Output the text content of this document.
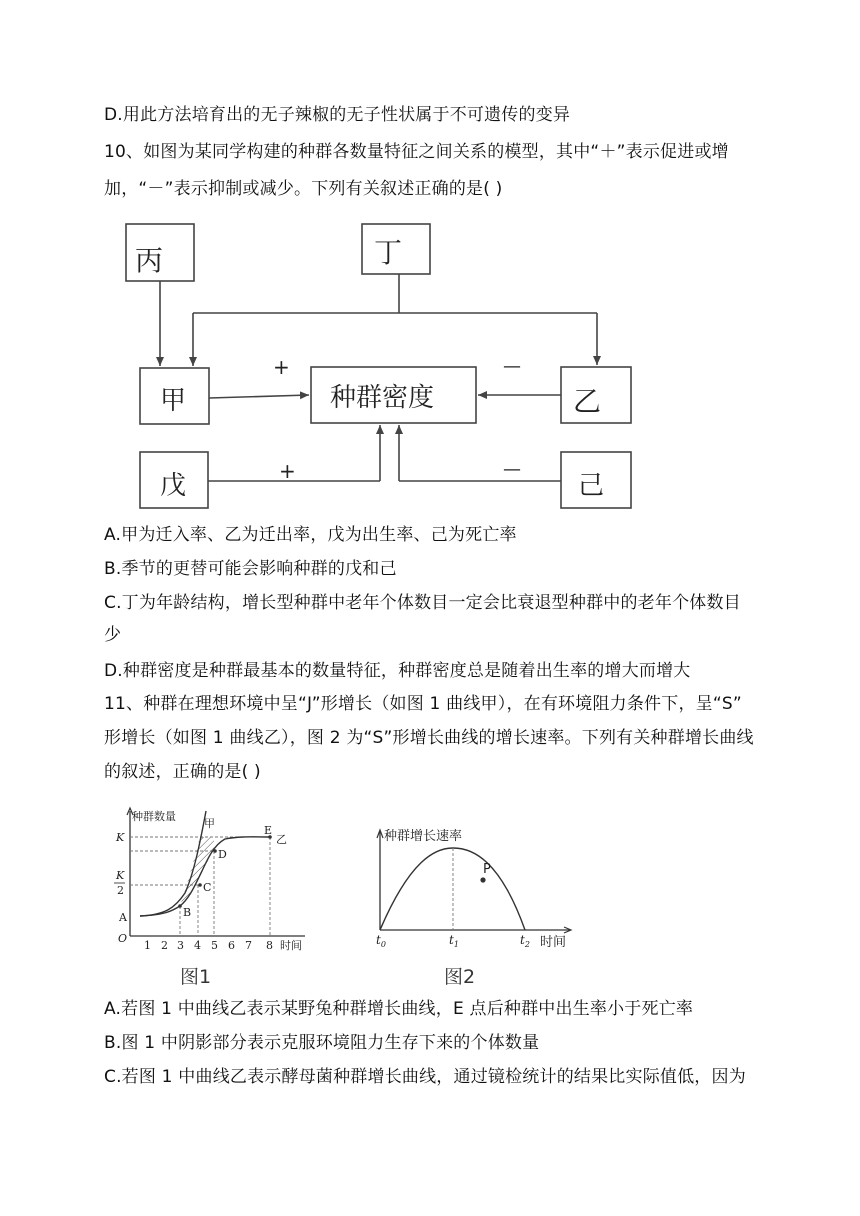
D.用此方法培育出的无子辣椒的无子性状属于不可遗传的变异
10、如图为某同学构建的种群各数量特征之间关系的模型，其中“＋”表示促进或增
加，“－”表示抑制或减少。下列有关叙述正确的是( )
丙	丁
甲	种群密度	乙
戊	己
+	—
+	—
A.甲为迁入率、乙为迁出率，戊为出生率、己为死亡率
B.季节的更替可能会影响种群的戊和己
C.丁为年龄结构，增长型种群中老年个体数目一定会比衰退型种群中的老年个体数目
少
D.种群密度是种群最基本的数量特征，种群密度总是随着出生率的增大而增大
11、种群在理想环境中呈“J”形增长（如图 1 曲线甲），在有环境阻力条件下，呈“S”
形增长（如图 1 曲线乙），图 2 为“S”形增长曲线的增长速率。下列有关种群增长曲线
的叙述，正确的是( )
种群数量
甲
乙
K
K
2
O
A	B
C
D
E
1 2 3 4 5 6 7 8 时间
图1
种群增长速率
P
$t_0$	$t_1$	$t_2$ 时间
图2
A.若图 1 中曲线乙表示某野兔种群增长曲线，E 点后种群中出生率小于死亡率
B.图 1 中阴影部分表示克服环境阻力生存下来的个体数量
C.若图 1 中曲线乙表示酵母菌种群增长曲线，通过镜检统计的结果比实际值低，因为
